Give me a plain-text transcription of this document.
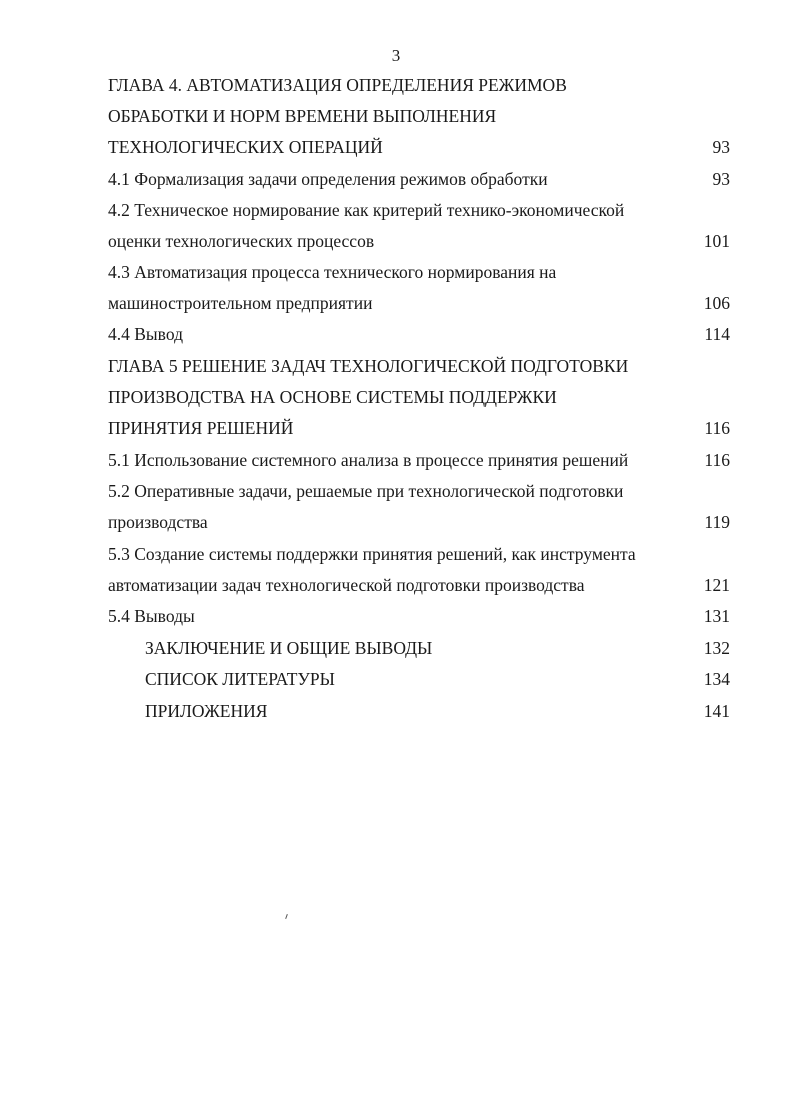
3
ГЛАВА 4. АВТОМАТИЗАЦИЯ ОПРЕДЕЛЕНИЯ РЕЖИМОВ
ОБРАБОТКИ И НОРМ ВРЕМЕНИ ВЫПОЛНЕНИЯ
ТЕХНОЛОГИЧЕСКИХ ОПЕРАЦИЙ	93
4.1 Формализация задачи определения режимов обработки	93
4.2 Техническое нормирование как критерий технико-экономической
оценки технологических процессов	101
4.3 Автоматизация процесса технического нормирования на
машиностроительном предприятии	106
4.4 Вывод	114
ГЛАВА 5 РЕШЕНИЕ ЗАДАЧ ТЕХНОЛОГИЧЕСКОЙ ПОДГОТОВКИ
ПРОИЗВОДСТВА НА ОСНОВЕ СИСТЕМЫ ПОДДЕРЖКИ
ПРИНЯТИЯ РЕШЕНИЙ	116
5.1 Использование системного анализа в процессе принятия решений	116
5.2 Оперативные задачи, решаемые при технологической подготовки
производства	119
5.3 Создание системы поддержки принятия решений, как инструмента
автоматизации задач технологической подготовки производства	121
5.4 Выводы	131
ЗАКЛЮЧЕНИЕ И ОБЩИЕ ВЫВОДЫ	132
СПИСОК ЛИТЕРАТУРЫ	134
ПРИЛОЖЕНИЯ	141
